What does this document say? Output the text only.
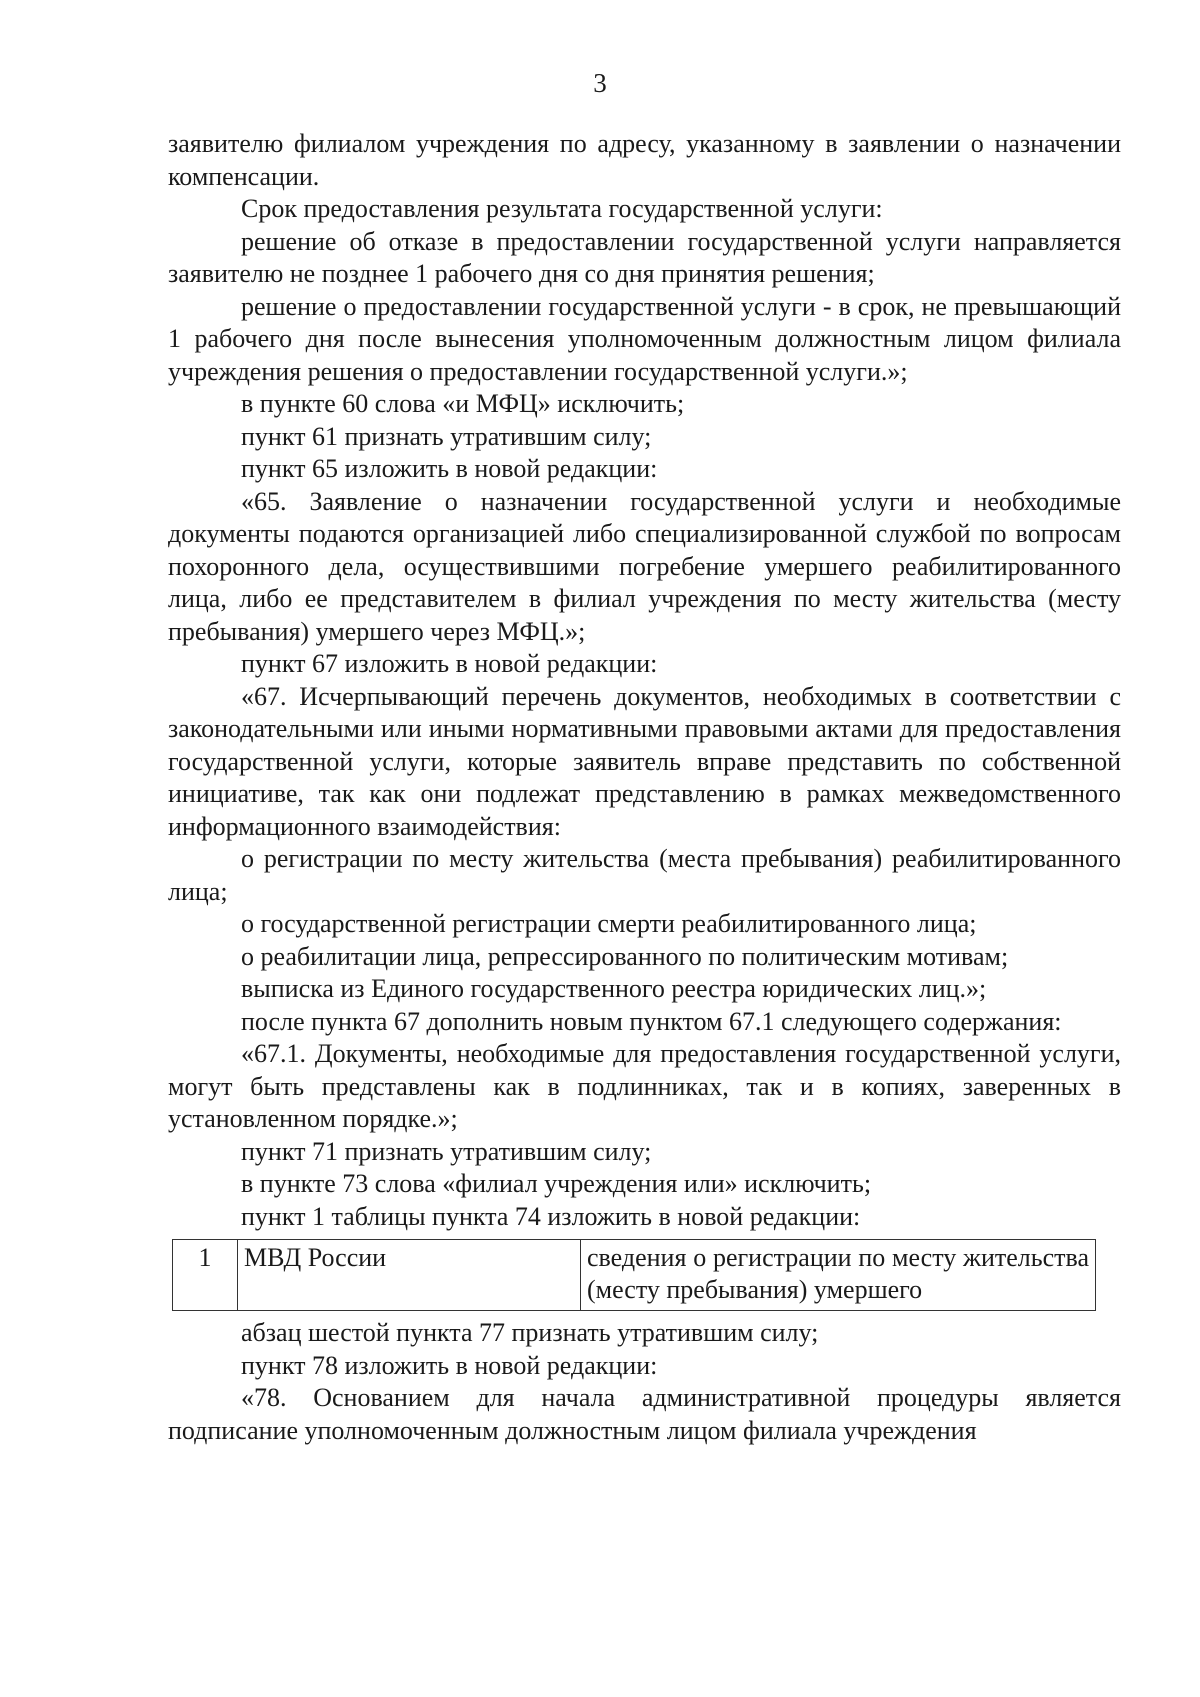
3

заявителю филиалом учреждения по адресу, указанному в заявлении о назначении компенсации.

Срок предоставления результата государственной услуги:

решение об отказе в предоставлении государственной услуги направляется заявителю не позднее 1 рабочего дня со дня принятия решения;

решение о предоставлении государственной услуги - в срок, не превышающий 1 рабочего дня после вынесения уполномоченным должностным лицом филиала учреждения решения о предоставлении государственной услуги.»;

в пункте 60 слова «и МФЦ» исключить;

пункт 61 признать утратившим силу;

пункт 65 изложить в новой редакции:

«65. Заявление о назначении государственной услуги и необходимые документы подаются организацией либо специализированной службой по вопросам похоронного дела, осуществившими погребение умершего реабилитированного лица, либо ее представителем в филиал учреждения по месту жительства (месту пребывания) умершего через МФЦ.»;

пункт 67 изложить в новой редакции:

«67. Исчерпывающий перечень документов, необходимых в соответствии с законодательными или иными нормативными правовыми актами для предоставления государственной услуги, которые заявитель вправе представить по собственной инициативе, так как они подлежат представлению в рамках межведомственного информационного взаимодействия:

о регистрации по месту жительства (места пребывания) реабилитированного лица;

о государственной регистрации смерти реабилитированного лица;

о реабилитации лица, репрессированного по политическим мотивам;

выписка из Единого государственного реестра юридических лиц.»;

после пункта 67 дополнить новым пунктом 67.1 следующего содержания:

«67.1. Документы, необходимые для предоставления государственной услуги, могут быть представлены как в подлинниках, так и в копиях, заверенных в установленном порядке.»;

пункт 71 признать утратившим силу;

в пункте 73 слова «филиал учреждения или» исключить;

пункт 1 таблицы пункта 74 изложить в новой редакции:

1	МВД России	сведения о регистрации по месту жительства (месту пребывания) умершего

абзац шестой пункта 77 признать утратившим силу;

пункт 78 изложить в новой редакции:

«78. Основанием для начала административной процедуры является подписание уполномоченным должностным лицом филиала учреждения
